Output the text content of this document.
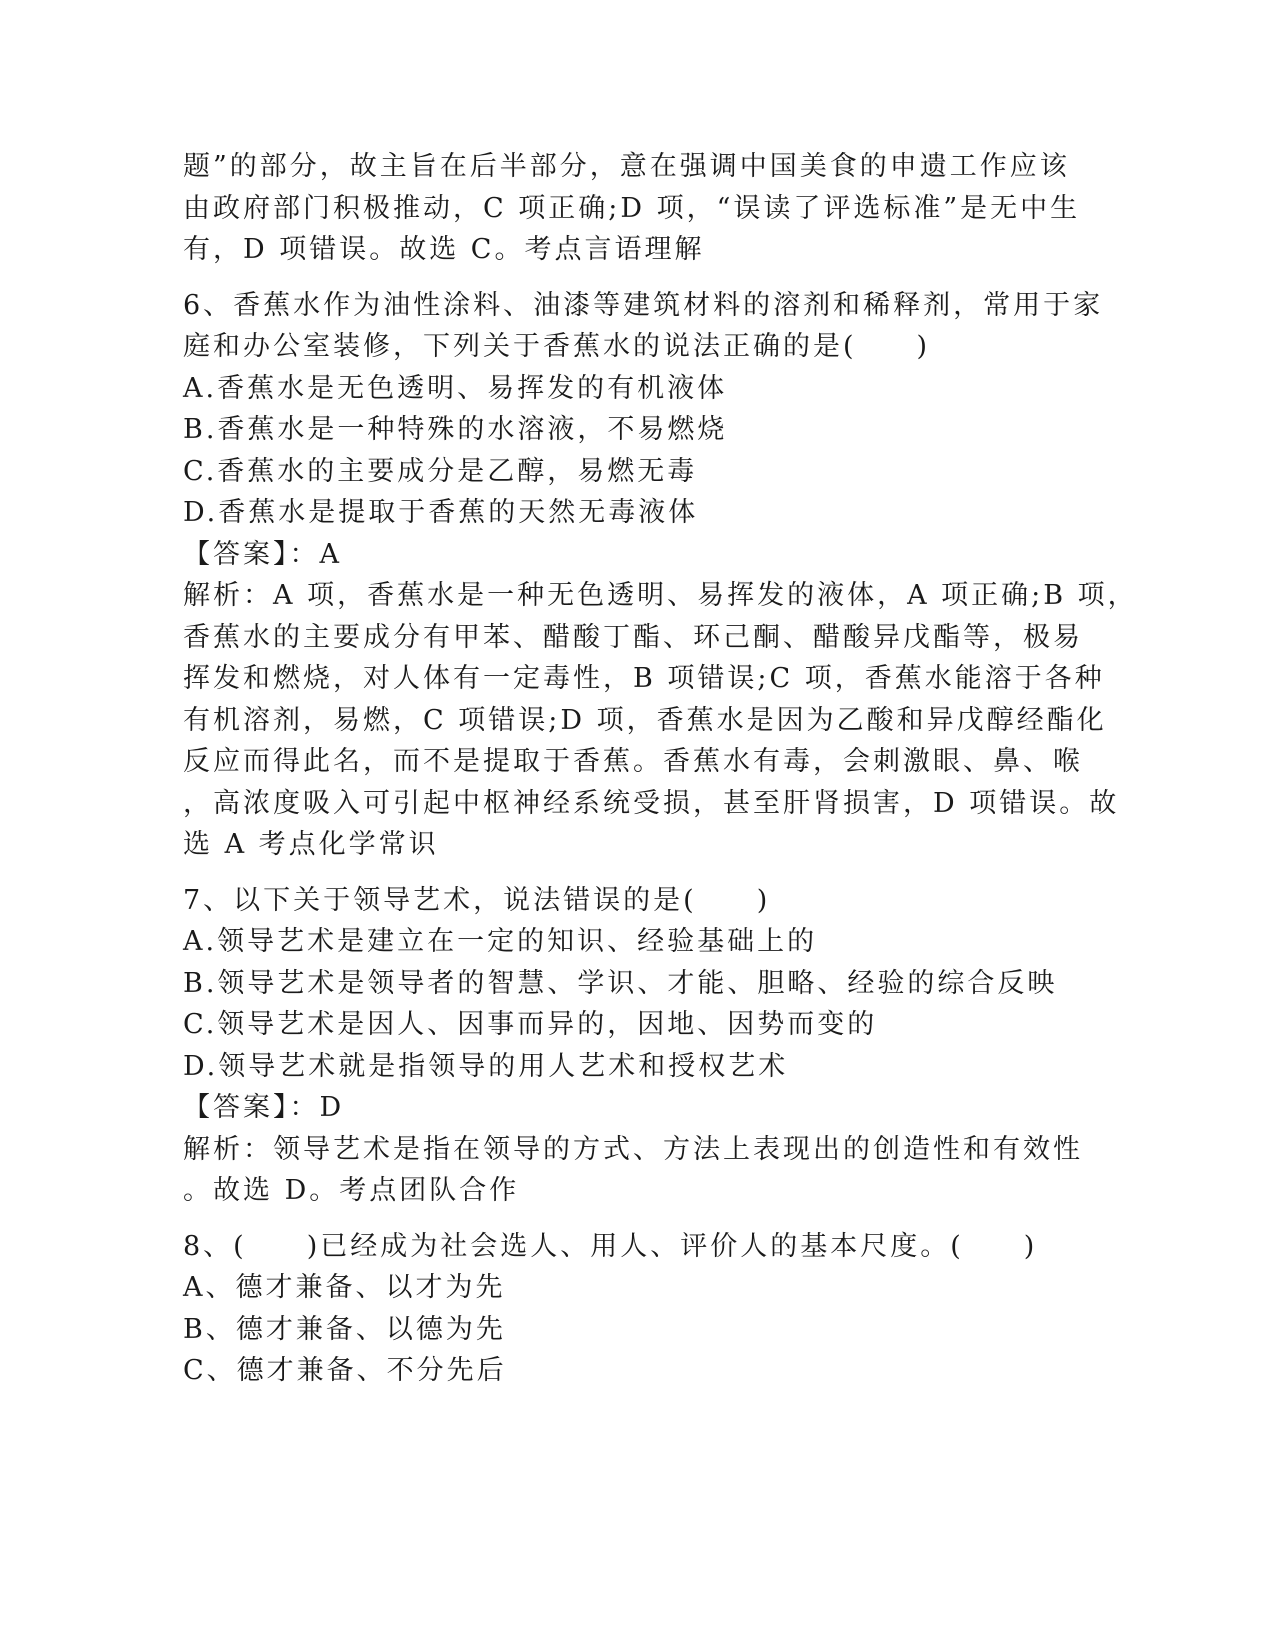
题”的部分，故主旨在后半部分，意在强调中国美食的申遗工作应该
由政府部门积极推动，C 项正确;D 项，“误读了评选标准”是无中生
有，D 项错误。故选 C。考点言语理解
6、香蕉水作为油性涂料、油漆等建筑材料的溶剂和稀释剂，常用于家
庭和办公室装修，下列关于香蕉水的说法正确的是(　　)
A.香蕉水是无色透明、易挥发的有机液体
B.香蕉水是一种特殊的水溶液，不易燃烧
C.香蕉水的主要成分是乙醇，易燃无毒
D.香蕉水是提取于香蕉的天然无毒液体
【答案】：A
解析：A 项，香蕉水是一种无色透明、易挥发的液体，A 项正确;B 项，
香蕉水的主要成分有甲苯、醋酸丁酯、环己酮、醋酸异戊酯等，极易
挥发和燃烧，对人体有一定毒性，B 项错误;C 项，香蕉水能溶于各种
有机溶剂，易燃，C 项错误;D 项，香蕉水是因为乙酸和异戊醇经酯化
反应而得此名，而不是提取于香蕉。香蕉水有毒，会刺激眼、鼻、喉
，高浓度吸入可引起中枢神经系统受损，甚至肝肾损害，D 项错误。故
选 A 考点化学常识
7、以下关于领导艺术，说法错误的是(　　)
A.领导艺术是建立在一定的知识、经验基础上的
B.领导艺术是领导者的智慧、学识、才能、胆略、经验的综合反映
C.领导艺术是因人、因事而异的，因地、因势而变的
D.领导艺术就是指领导的用人艺术和授权艺术
【答案】：D
解析：领导艺术是指在领导的方式、方法上表现出的创造性和有效性
。故选 D。考点团队合作
8、(　　)已经成为社会选人、用人、评价人的基本尺度。(　　)
A、德才兼备、以才为先
B、德才兼备、以德为先
C、德才兼备、不分先后
